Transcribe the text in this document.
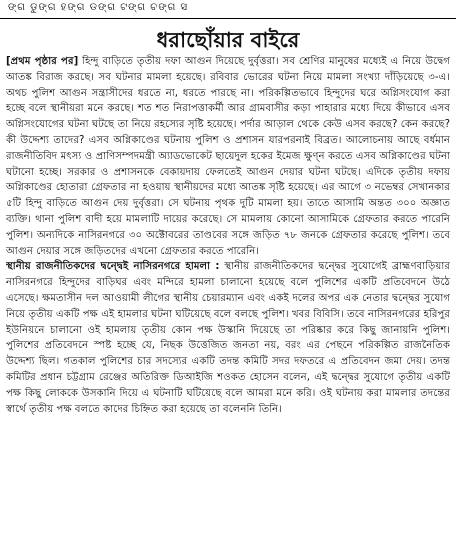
ଙ୍ଗ ଡୁଙ୍ଗ ହଙ୍ଗ ଡଙ୍ଗ ଟଙ୍ଗ ଚଙ୍ଗ ସ
ধরাছোঁয়ার বাইরে

[প্রথম পৃষ্ঠার পর] হিন্দু বাড়িতে তৃতীয় দফা আগুন দিয়েছে দুর্বৃত্তরা। সব শ্রেণির মানুষের মধ্যেই এ নিয়ে উদ্বেগ আতঙ্ক বিরাজ করছে। সব ঘটনার মামলা হয়েছে। রবিবার ভোরের ঘটনা নিয়ে মামলা সংখ্যা দাঁড়িয়েছে ৩-এ। অথচ পুলিশ আগুন সন্ত্রাসীদের ধরতে না, ধরতে পারছে না। পরিকল্পিতভাবে হিন্দুদের ঘরে অগ্নিসংযোগ করা হচ্ছে বলে স্থানীয়রা মনে করছে। শত শত নিরাপত্তাকর্মী আর গ্রামবাসীর কড়া পাহারার মধ্যে দিয়ে কীভাবে এসব অগ্নিসংযোগের ঘটনা ঘটছে তা নিয়ে রহস্যের সৃষ্টি হয়েছে। পর্দার আড়াল থেকে কেউ এসব করছে? কেন করছে? কী উদ্দেশ্য তাদের? এসব অগ্নিকাণ্ডের ঘটনায় পুলিশ ও প্রশাসন যারপরনাই বিব্রত। আলোচনায় আছে বর্ধমান রাজনীতিবিদ মৎস্য ও প্রাণিসম্পদমন্ত্রী অ্যাডভোকেট ছায়েদুল হকের ইমেজ ক্ষুণ্ন করতে এসব অগ্নিকাণ্ডের ঘটনা ঘটানো হচ্ছে। সরকার ও প্রশাসনকে বেকায়দায় ফেলতেই আগুন দেয়ার ঘটনা ঘটছে। এদিকে তৃতীয় দফায় অগ্নিকাণ্ডের হোতারা গ্রেফতার না হওয়ায় স্থানীয়দের মধ্যে আতঙ্ক সৃষ্টি হয়েছে। এর আগে ৩ নভেম্বর সেখানকার ৫টি হিন্দু বাড়িতে আগুন দেয় দুর্বৃত্তরা। সে ঘটনায় পৃথক দুটি মামলা হয়। তাতে আসামি অন্তত ৩০০ অজ্ঞাত ব্যক্তি। থানা পুলিশ বাদী হয়ে মামলাটি দায়ের করেছে। সে মামলায় কোনো আসামিকে গ্রেফতার করতে পারেনি পুলিশ। অন্যদিকে নাসিরনগরে ৩০ অক্টোবরের তাণ্ডবের সঙ্গে জড়িত ৭৮ জনকে গ্রেফতার করেছে পুলিশ। তবে আগুন দেয়ার সঙ্গে জড়িতদের এখনো গ্রেফতার করতে পারেনি।

স্থানীয় রাজনীতিকদের দ্বন্দ্বেই নাসিরনগরে হামলা : স্থানীয় রাজনীতিকদের দ্বন্দ্বের সুযোগেই ব্রাহ্মণবাড়িয়ার নাসিরনগরে হিন্দুদের বাড়িঘর এবং মন্দিরে হামলা চালানো হয়েছে বলে পুলিশের একটি প্রতিবেদনে উঠে এসেছে। ক্ষমতাসীন দল আওয়ামী লীগের স্থানীয় চেয়ারম্যান এবং একই দলের অপর এক নেতার দ্বন্দ্বের সুযোগ নিয়ে তৃতীয় একটি পক্ষ এই হামলার ঘটনা ঘটিয়েছে বলে বলছে পুলিশ। খবর বিবিসি। তবে নাসিরনগরের হরিপুর ইউনিয়নে চালানো ওই হামলায় তৃতীয় কোন পক্ষ উস্কানি দিয়েছে তা পরিষ্কার করে কিছু জানায়নি পুলিশ। পুলিশের প্রতিবেদনে স্পষ্ট হচ্ছে যে, নিছক উত্তেজিত জনতা নয়, বরং এর পেছনে পরিকল্পিত রাজনৈতিক উদ্দেশ্য ছিল। গতকাল পুলিশের চার সদস্যের একটি তদন্ত কমিটি সদর দফতরে এ প্রতিবেদন জমা দেয়। তদন্ত কমিটির প্রধান চট্টগ্রাম রেঞ্জের অতিরিক্ত ডিআইজি শওকত হোসেন বলেন, এই দ্বন্দ্বের সুযোগে তৃতীয় একটি পক্ষ কিছু লোককে উসকানি দিয়ে এ ঘটনাটি ঘটিয়েছে বলে আমরা মনে করি। ওই ঘটনায় করা মামলার তদন্তের স্বার্থে তৃতীয় পক্ষ বলতে কাদের চিহ্নিত করা হয়েছে তা বলেননি তিনি।
